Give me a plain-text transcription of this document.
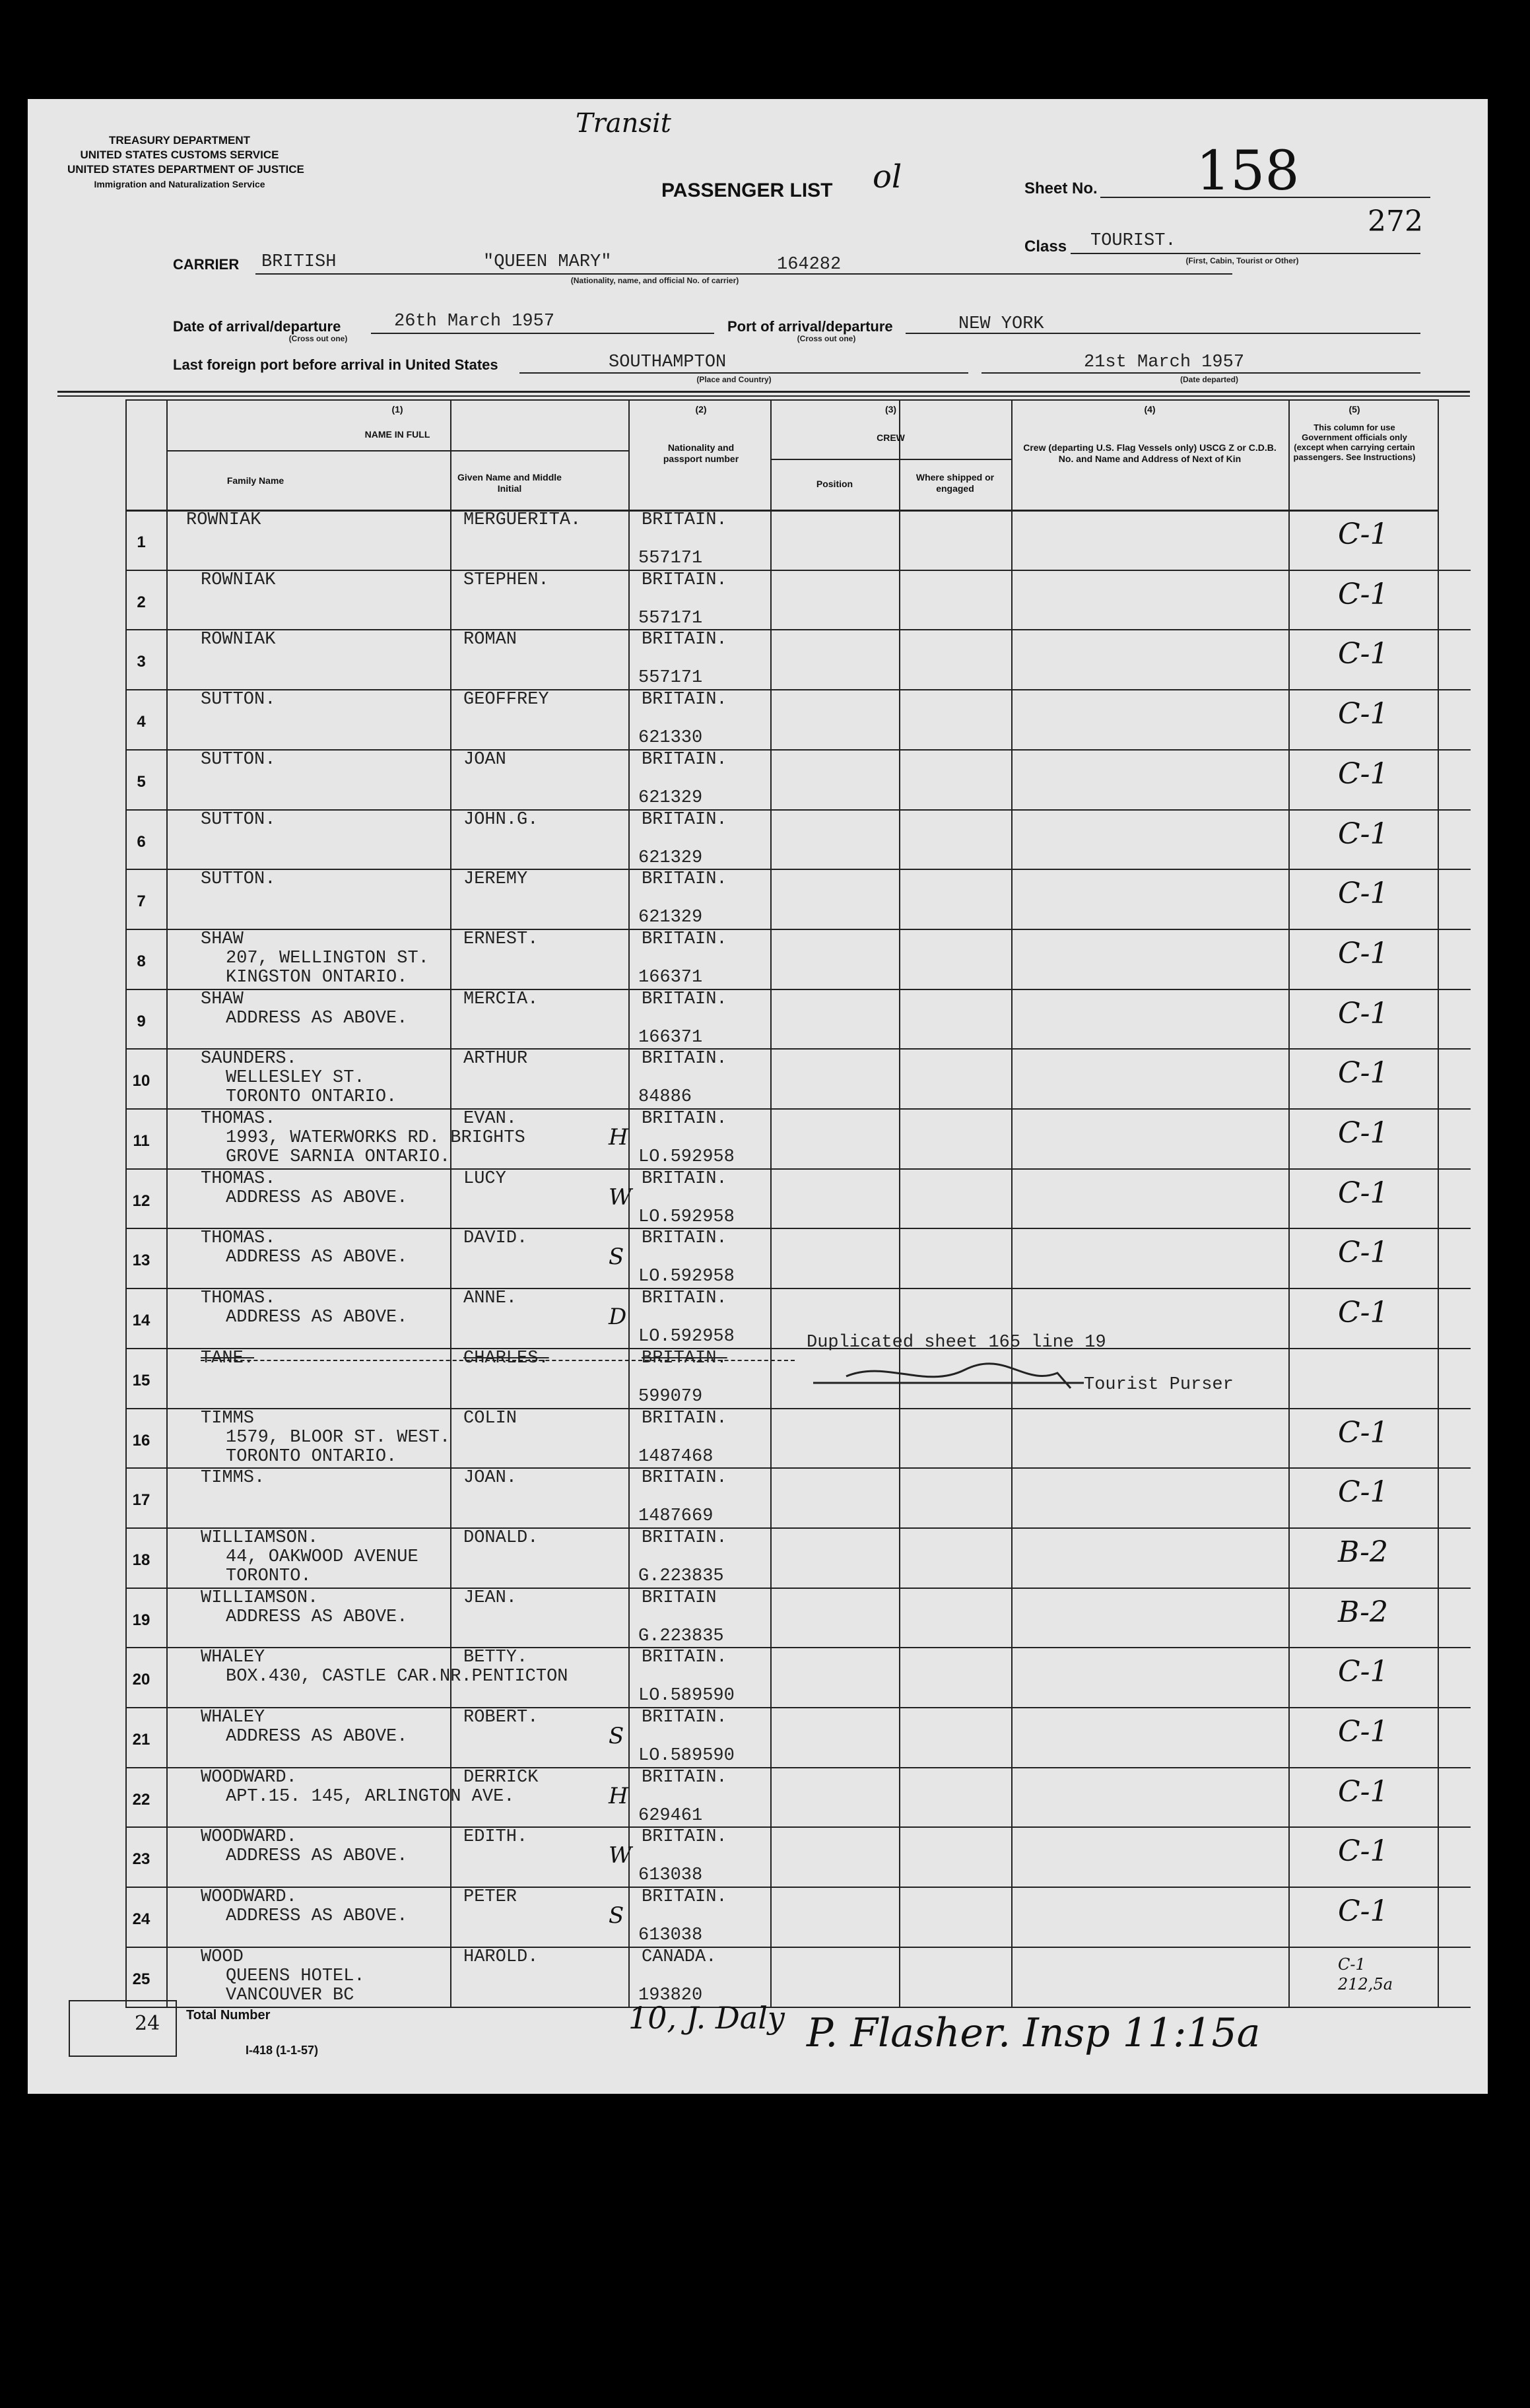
Transit
TREASURY DEPARTMENT
UNITED STATES CUSTOMS SERVICE
UNITED STATES DEPARTMENT OF JUSTICE
Immigration and Naturalization Service	PASSENGER LIST ol	Sheet No. 158
272
Class TOURIST.
(First, Cabin, Tourist or Other)
CARRIER BRITISH	"QUEEN MARY"	164282
(Nationality, name, and official No. of carrier)
Date of arrival/departure
(Cross out one)
26th March 1957	Port of arrival/departure
(Cross out one)
NEW YORK
Last foreign port before arrival in United States	SOUTHAMPTON
(Place and Country)
21st March 1957
(Date departed)
(1)
NAME IN FULL
Family Name	Given Name and Middle Initial
(2)
Nationality and passport number
(3)
CREW
Position
Where shipped or engaged
(4)
Crew (departing U.S. Flag Vessels only) USCG Z or C.D.B. No. and Name and Address of Next of Kin
(5)
This column for use Government officials only (except when carrying certain passengers. See Instructions)
1
ROWNIAK	MERGUERITA.	BRITAIN.
557171
C-1
2
ROWNIAK	STEPHEN.	BRITAIN.
557171
C-1
3
ROWNIAK	ROMAN	BRITAIN.
557171
C-1
4
SUTTON.	GEOFFREY	BRITAIN.
621330
C-1
5
SUTTON.	JOAN	BRITAIN.
621329
C-1
6
SUTTON.	JOHN.G.	BRITAIN.
621329
C-1
7
SUTTON.	JEREMY	BRITAIN.
621329
C-1
8
SHAW
207, WELLINGTON ST.
KINGSTON ONTARIO.
ERNEST.	BRITAIN.
166371
C-1
9
SHAW
ADDRESS AS ABOVE.
MERCIA.	BRITAIN.
166371
C-1
10
SAUNDERS.
WELLESLEY ST.
TORONTO ONTARIO.
ARTHUR	BRITAIN.
84886
C-1
11
THOMAS.
1993, WATERWORKS RD. BRIGHTS
GROVE SARNIA ONTARIO.
EVAN.	BRITAIN.
LO.592958
H	C-1
12
THOMAS.
ADDRESS AS ABOVE.
LUCY	BRITAIN.
LO.592958
W	C-1
13
THOMAS.
ADDRESS AS ABOVE.
DAVID.	BRITAIN.
LO.592958
S	C-1
14
THOMAS.
ADDRESS AS ABOVE.
ANNE.	BRITAIN.
LO.592958
D	C-1
15
TANE.	CHARLES.	BRITAIN.
599079
16
TIMMS
1579, BLOOR ST. WEST.
TORONTO ONTARIO.
COLIN	BRITAIN.
1487468
C-1
17
TIMMS.	JOAN.	BRITAIN.
1487669
C-1
18
WILLIAMSON.
44, OAKWOOD AVENUE
TORONTO.
DONALD.	BRITAIN.
G.223835
B-2
19
WILLIAMSON.
ADDRESS AS ABOVE.
JEAN.	BRITAIN
G.223835
B-2
20
WHALEY
BOX.430, CASTLE CAR.NR.PENTICTON
BETTY.	BRITAIN.
LO.589590
C-1
21
WHALEY
ADDRESS AS ABOVE.
ROBERT.	BRITAIN.
LO.589590
S	C-1
22
WOODWARD.
APT.15. 145, ARLINGTON AVE.
DERRICK	BRITAIN.
629461
H	C-1
23
WOODWARD.
ADDRESS AS ABOVE.
EDITH.	BRITAIN.
613038
W	C-1
24
WOODWARD.
ADDRESS AS ABOVE.
PETER	BRITAIN.
613038
S	C-1
25
WOOD
QUEENS HOTEL.
VANCOUVER BC
HAROLD.	CANADA.
193820
C-1
212,5a
Duplicated sheet 165 line 19
Tourist Purser
24 Total Number
I-418 (1-1-57)
10, J. Daly P. Flasher. Insp 11:15a
